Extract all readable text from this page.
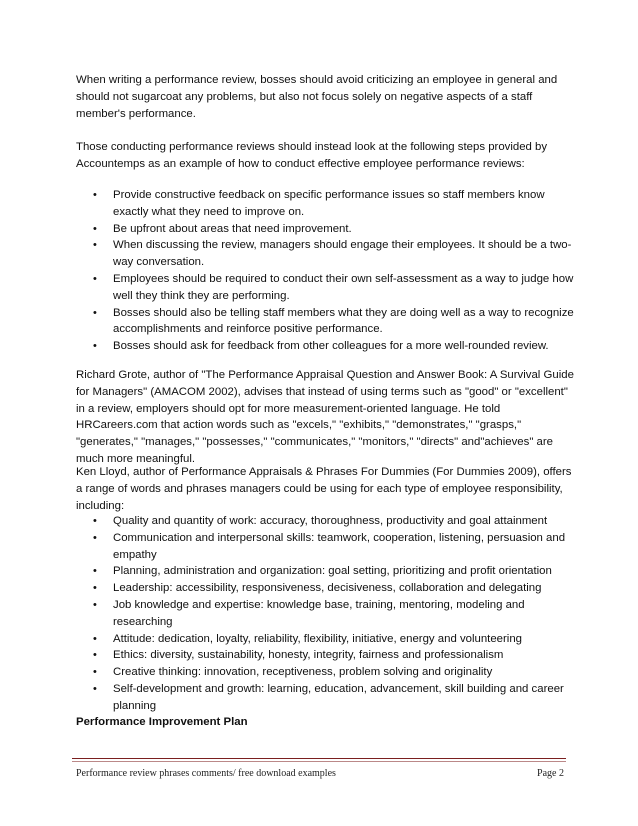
When writing a performance review, bosses should avoid criticizing an employee in general and should not sugarcoat any problems, but also not focus solely on negative aspects of a staff member's performance.

Those conducting performance reviews should instead look at the following steps provided by Accountemps as an example of how to conduct effective employee performance reviews:

• Provide constructive feedback on specific performance issues so staff members know exactly what they need to improve on.
• Be upfront about areas that need improvement.
• When discussing the review, managers should engage their employees. It should be a two-way conversation.
• Employees should be required to conduct their own self-assessment as a way to judge how well they think they are performing.
• Bosses should also be telling staff members what they are doing well as a way to recognize accomplishments and reinforce positive performance.
• Bosses should ask for feedback from other colleagues for a more well-rounded review.

Richard Grote, author of "The Performance Appraisal Question and Answer Book: A Survival Guide for Managers" (AMACOM 2002), advises that instead of using terms such as "good" or "excellent" in a review, employers should opt for more measurement-oriented language. He told HRCareers.com that action words such as "excels," "exhibits," "demonstrates," "grasps," "generates," "manages," "possesses," "communicates," "monitors," "directs" and"achieves" are much more meaningful.

Ken Lloyd, author of Performance Appraisals & Phrases For Dummies (For Dummies 2009), offers a range of words and phrases managers could be using for each type of employee responsibility, including:

• Quality and quantity of work: accuracy, thoroughness, productivity and goal attainment
• Communication and interpersonal skills: teamwork, cooperation, listening, persuasion and empathy
• Planning, administration and organization: goal setting, prioritizing and profit orientation
• Leadership: accessibility, responsiveness, decisiveness, collaboration and delegating
• Job knowledge and expertise: knowledge base, training, mentoring, modeling and researching
• Attitude: dedication, loyalty, reliability, flexibility, initiative, energy and volunteering
• Ethics: diversity, sustainability, honesty, integrity, fairness and professionalism
• Creative thinking: innovation, receptiveness, problem solving and originality
• Self-development and growth: learning, education, advancement, skill building and career planning

Performance Improvement Plan

Performance review phrases comments/ free download examples	Page 2
